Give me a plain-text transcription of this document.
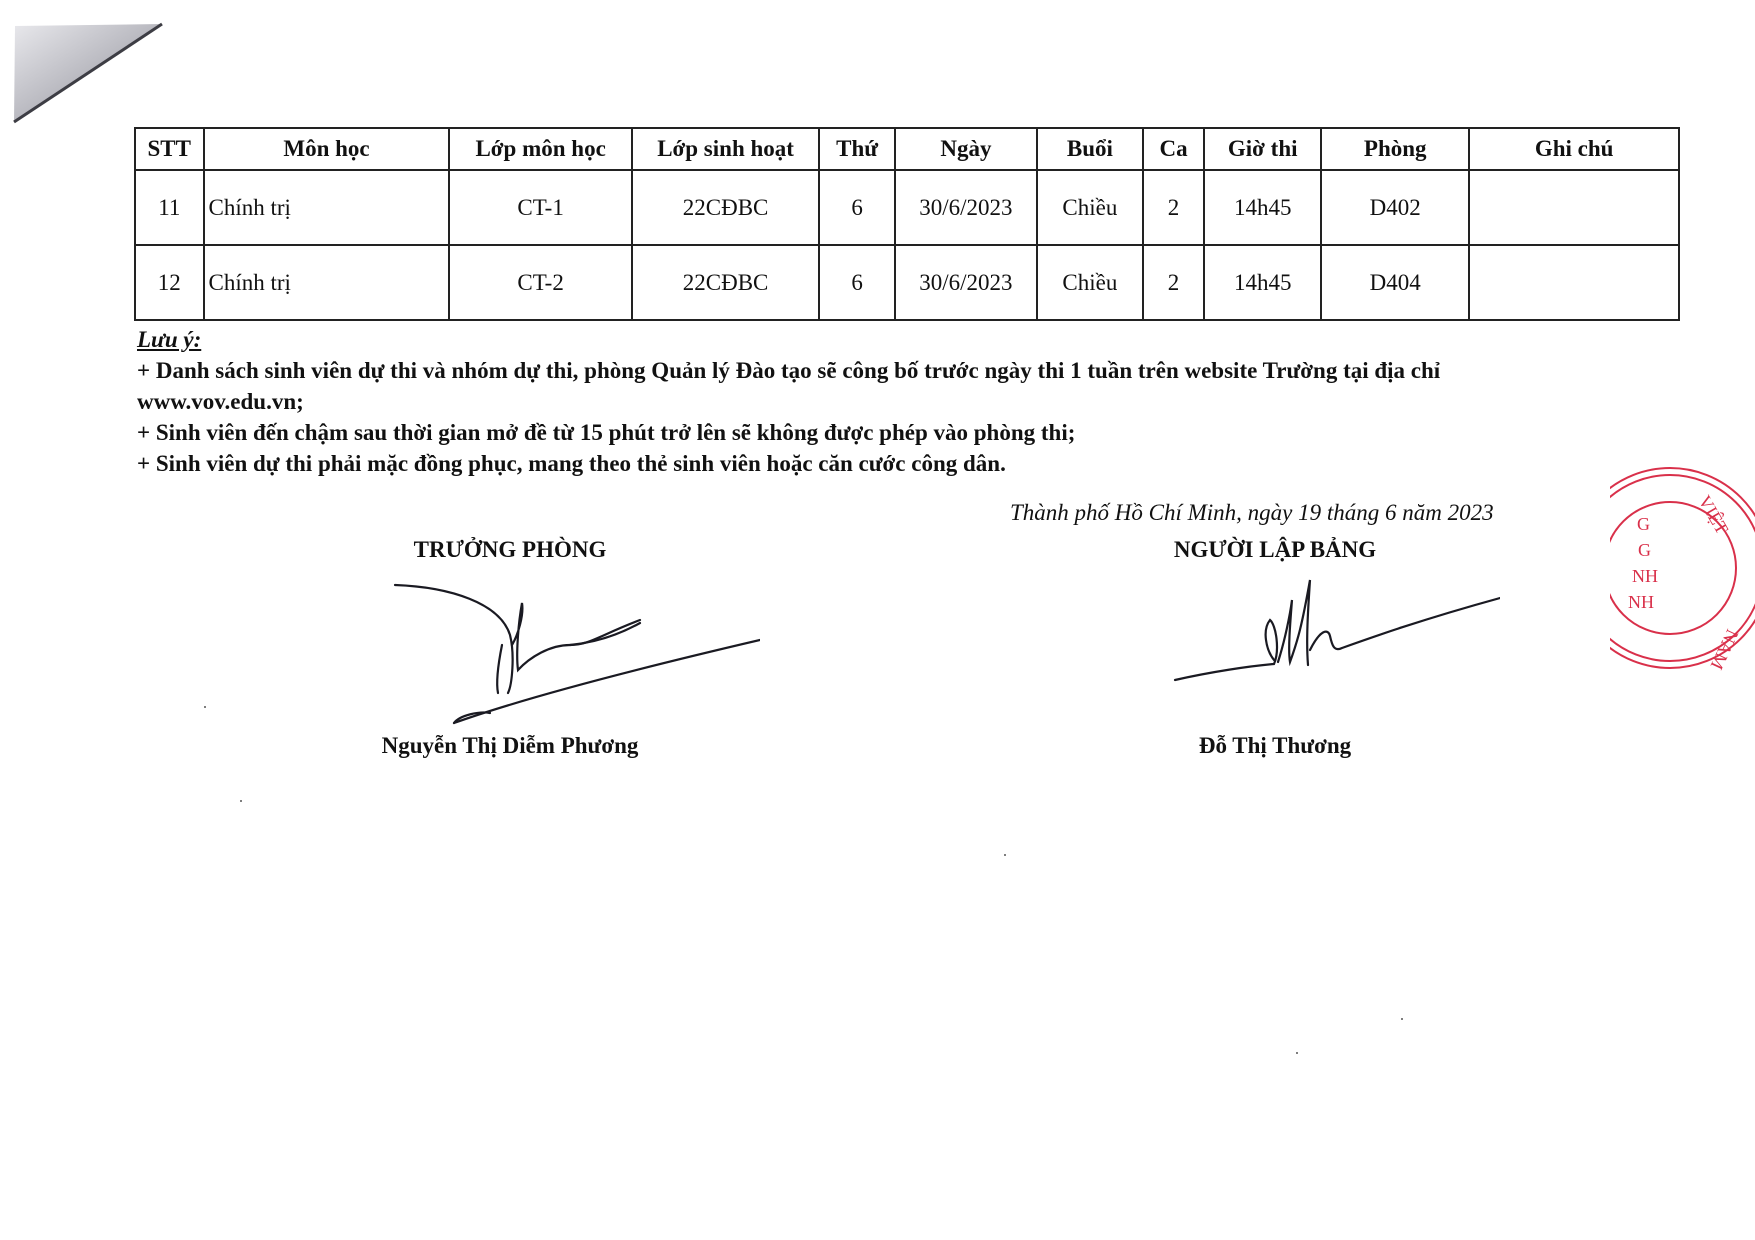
STT	Môn học	Lớp môn học	Lớp sinh hoạt	Thứ	Ngày	Buổi	Ca	Giờ thi	Phòng	Ghi chú
11	Chính trị	CT-1	22CĐBC	6	30/6/2023	Chiều	2	14h45	D402	
12	Chính trị	CT-2	22CĐBC	6	30/6/2023	Chiều	2	14h45	D404	

Lưu ý:

+ Danh sách sinh viên dự thi và nhóm dự thi, phòng Quản lý Đào tạo sẽ công bố trước ngày thi 1 tuần trên website Trường tại địa chỉ www.vov.edu.vn;

+ Sinh viên đến chậm sau thời gian mở đề từ 15 phút trở lên sẽ không được phép vào phòng thi;

+ Sinh viên dự thi phải mặc đồng phục, mang theo thẻ sinh viên hoặc căn cước công dân.

Thành phố Hồ Chí Minh, ngày 19 tháng 6 năm 2023
TRƯỞNG PHÒNG	NGƯỜI LẬP BẢNG
Nguyễn Thị Diễm Phương	Đỗ Thị Thương
VIỆT
NAM
G
G
NH
NH
